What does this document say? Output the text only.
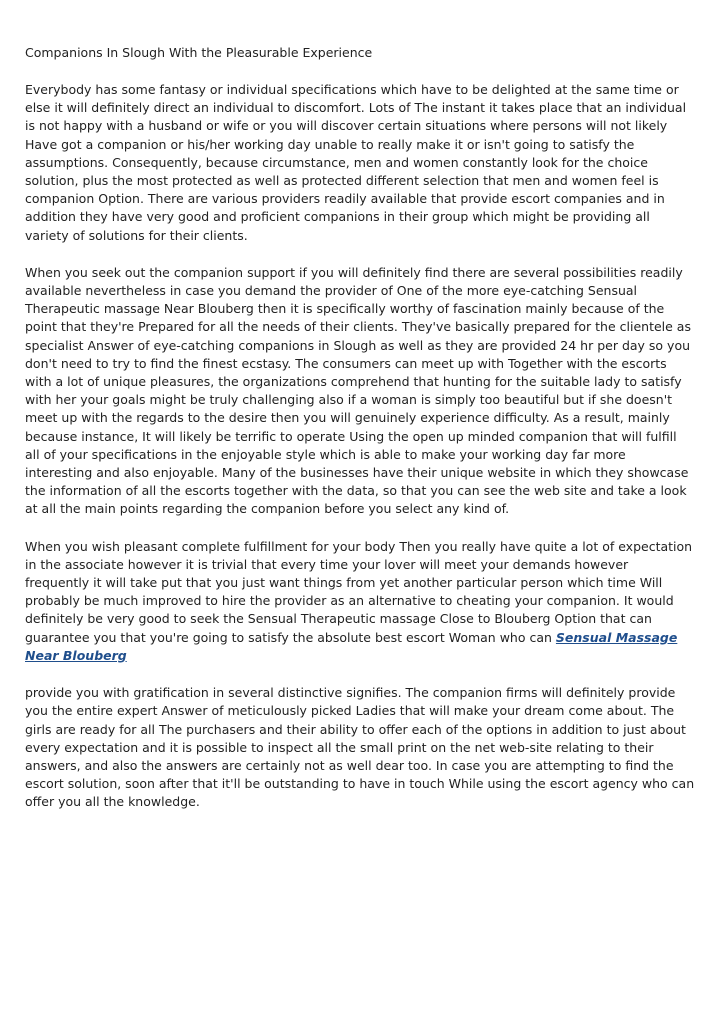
Companions In Slough With the Pleasurable Experience

Everybody has some fantasy or individual specifications which have to be delighted at the same time or else it will definitely direct an individual to discomfort. Lots of The instant it takes place that an individual is not happy with a husband or wife or you will discover certain situations where persons will not likely Have got a companion or his/her working day unable to really make it or isn't going to satisfy the assumptions. Consequently, because circumstance, men and women constantly look for the choice solution, plus the most protected as well as protected different selection that men and women feel is companion Option. There are various providers readily available that provide escort companies and in addition they have very good and proficient companions in their group which might be providing all variety of solutions for their clients.

When you seek out the companion support if you will definitely find there are several possibilities readily available nevertheless in case you demand the provider of One of the more eye-catching Sensual Therapeutic massage Near Blouberg then it is specifically worthy of fascination mainly because of the point that they're Prepared for all the needs of their clients. They've basically prepared for the clientele as specialist Answer of eye-catching companions in Slough as well as they are provided 24 hr per day so you don't need to try to find the finest ecstasy. The consumers can meet up with Together with the escorts with a lot of unique pleasures, the organizations comprehend that hunting for the suitable lady to satisfy with her your goals might be truly challenging also if a woman is simply too beautiful but if she doesn't meet up with the regards to the desire then you will genuinely experience difficulty. As a result, mainly because instance, It will likely be terrific to operate Using the open up minded companion that will fulfill all of your specifications in the enjoyable style which is able to make your working day far more interesting and also enjoyable. Many of the businesses have their unique website in which they showcase the information of all the escorts together with the data, so that you can see the web site and take a look at all the main points regarding the companion before you select any kind of.

When you wish pleasant complete fulfillment for your body Then you really have quite a lot of expectation in the associate however it is trivial that every time your lover will meet your demands however frequently it will take put that you just want things from yet another particular person which time Will probably be much improved to hire the provider as an alternative to cheating your companion. It would definitely be very good to seek the Sensual Therapeutic massage Close to Blouberg Option that can guarantee you that you're going to satisfy the absolute best escort Woman who can Sensual Massage Near Blouberg

provide you with gratification in several distinctive signifies. The companion firms will definitely provide you the entire expert Answer of meticulously picked Ladies that will make your dream come about. The girls are ready for all The purchasers and their ability to offer each of the options in addition to just about every expectation and it is possible to inspect all the small print on the net web-site relating to their answers, and also the answers are certainly not as well dear too. In case you are attempting to find the escort solution, soon after that it'll be outstanding to have in touch While using the escort agency who can offer you all the knowledge.
